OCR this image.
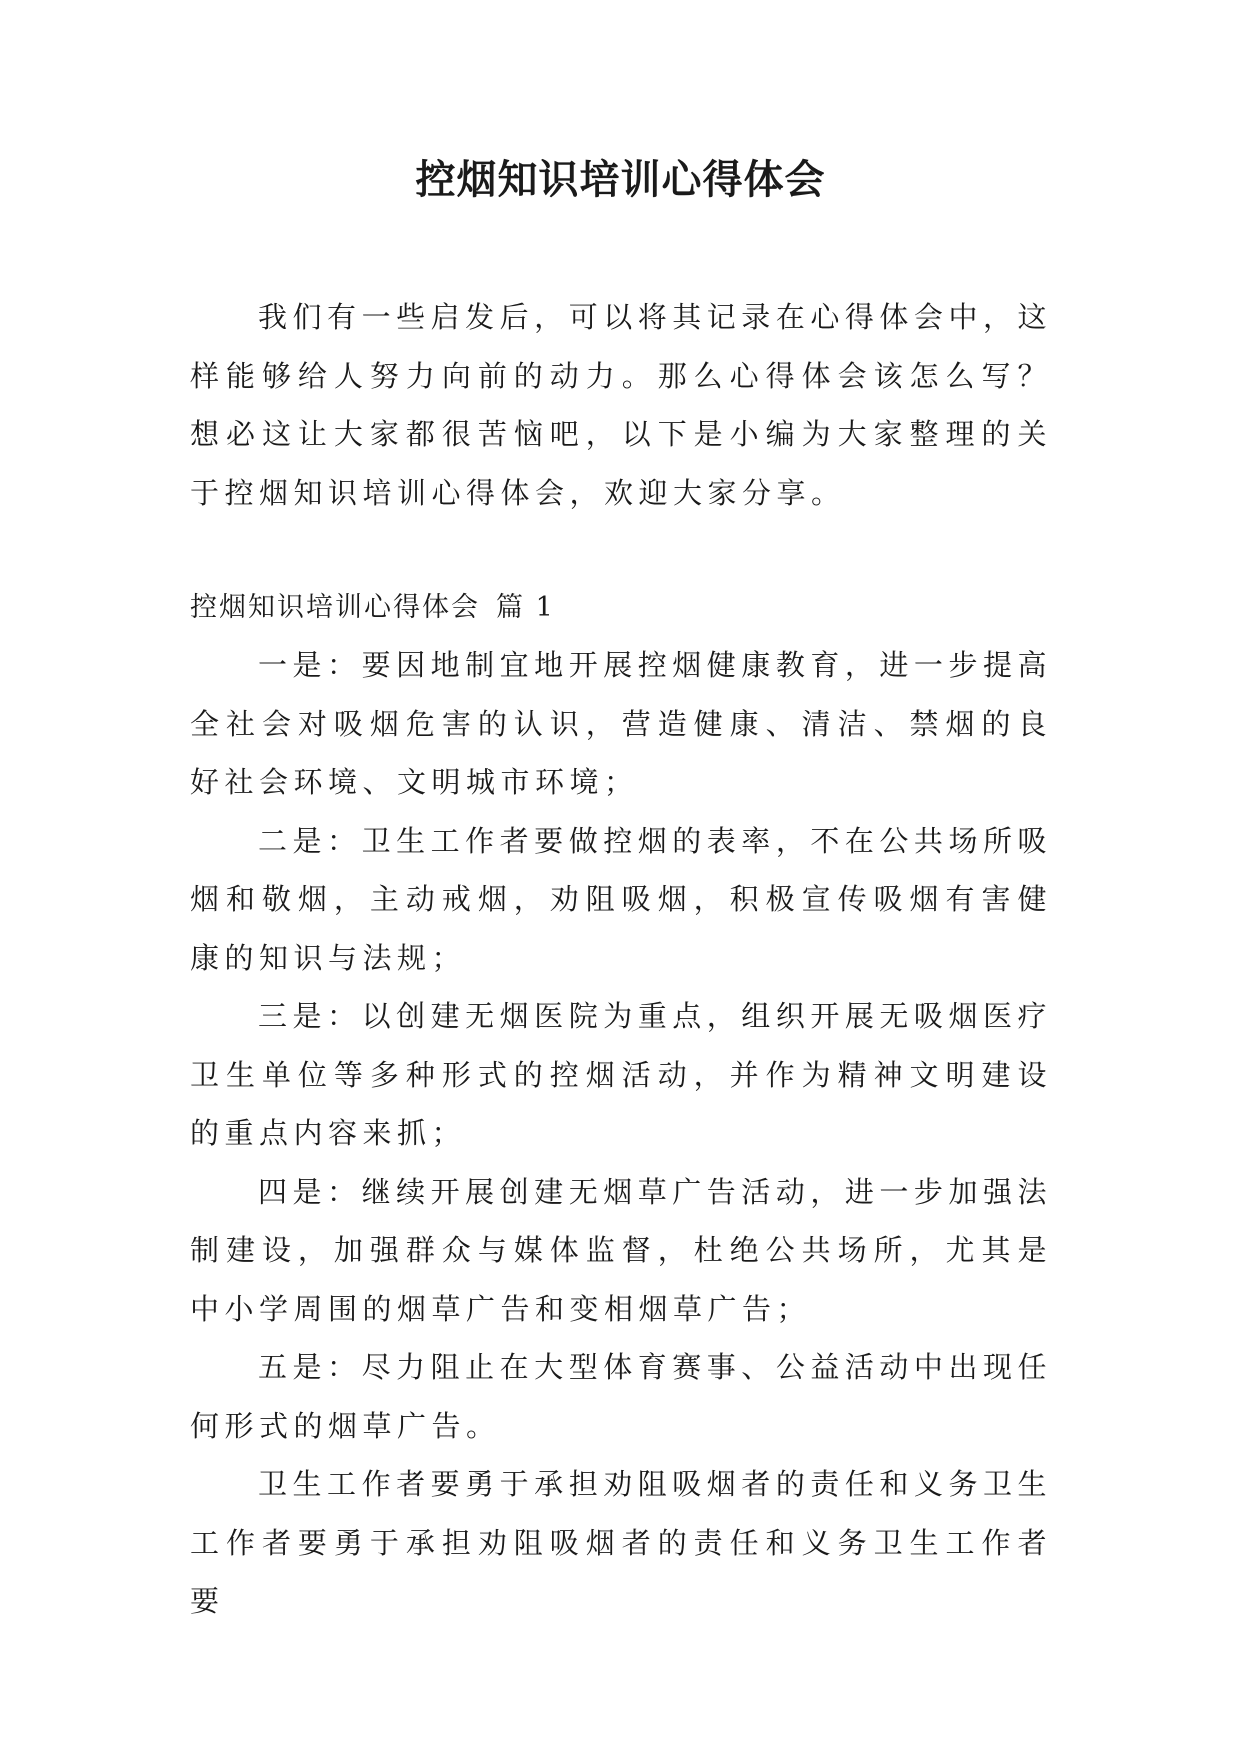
控烟知识培训心得体会

我们有一些启发后，可以将其记录在心得体会中，这样能够给人努力向前的动力。那么心得体会该怎么写？想必这让大家都很苦恼吧，以下是小编为大家整理的关于控烟知识培训心得体会，欢迎大家分享。

控烟知识培训心得体会 篇 1

一是：要因地制宜地开展控烟健康教育，进一步提高全社会对吸烟危害的认识，营造健康、清洁、禁烟的良好社会环境、文明城市环境；

二是：卫生工作者要做控烟的表率，不在公共场所吸烟和敬烟，主动戒烟，劝阻吸烟，积极宣传吸烟有害健康的知识与法规；

三是：以创建无烟医院为重点，组织开展无吸烟医疗卫生单位等多种形式的控烟活动，并作为精神文明建设的重点内容来抓；

四是：继续开展创建无烟草广告活动，进一步加强法制建设，加强群众与媒体监督，杜绝公共场所，尤其是中小学周围的烟草广告和变相烟草广告；

五是：尽力阻止在大型体育赛事、公益活动中出现任何形式的烟草广告。

卫生工作者要勇于承担劝阻吸烟者的责任和义务卫生工作者要勇于承担劝阻吸烟者的责任和义务卫生工作者要
